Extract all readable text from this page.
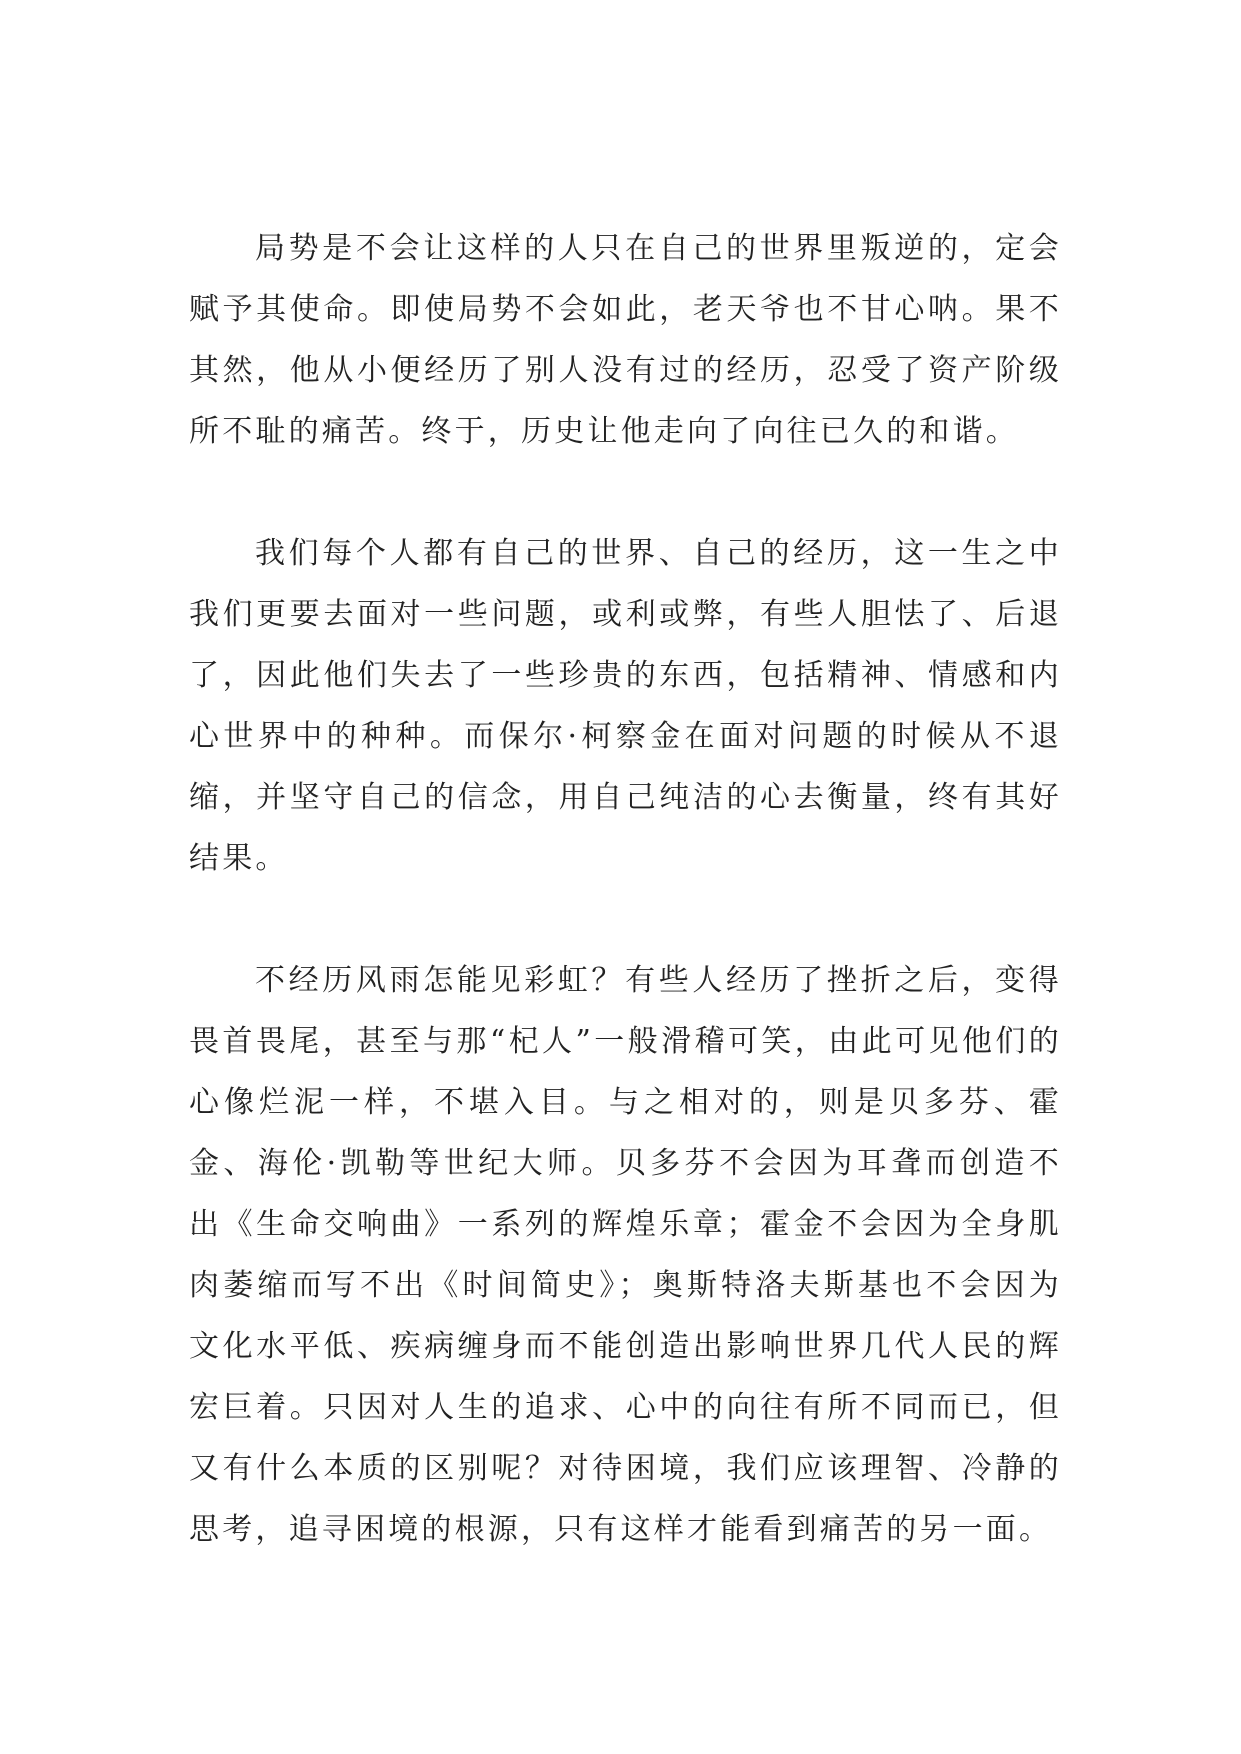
局势是不会让这样的人只在自己的世界里叛逆的，定会赋予其使命。即使局势不会如此，老天爷也不甘心呐。果不其然，他从小便经历了别人没有过的经历，忍受了资产阶级所不耻的痛苦。终于，历史让他走向了向往已久的和谐。

我们每个人都有自己的世界、自己的经历，这一生之中我们更要去面对一些问题，或利或弊，有些人胆怯了、后退了，因此他们失去了一些珍贵的东西，包括精神、情感和内心世界中的种种。而保尔·柯察金在面对问题的时候从不退缩，并坚守自己的信念，用自己纯洁的心去衡量，终有其好结果。

不经历风雨怎能见彩虹？有些人经历了挫折之后，变得畏首畏尾，甚至与那“杞人”一般滑稽可笑，由此可见他们的心像烂泥一样，不堪入目。与之相对的，则是贝多芬、霍金、海伦·凯勒等世纪大师。贝多芬不会因为耳聋而创造不出《生命交响曲》一系列的辉煌乐章；霍金不会因为全身肌肉萎缩而写不出《时间简史》；奥斯特洛夫斯基也不会因为文化水平低、疾病缠身而不能创造出影响世界几代人民的辉宏巨着。只因对人生的追求、心中的向往有所不同而已，但又有什么本质的区别呢？对待困境，我们应该理智、冷静的思考，追寻困境的根源，只有这样才能看到痛苦的另一面。
